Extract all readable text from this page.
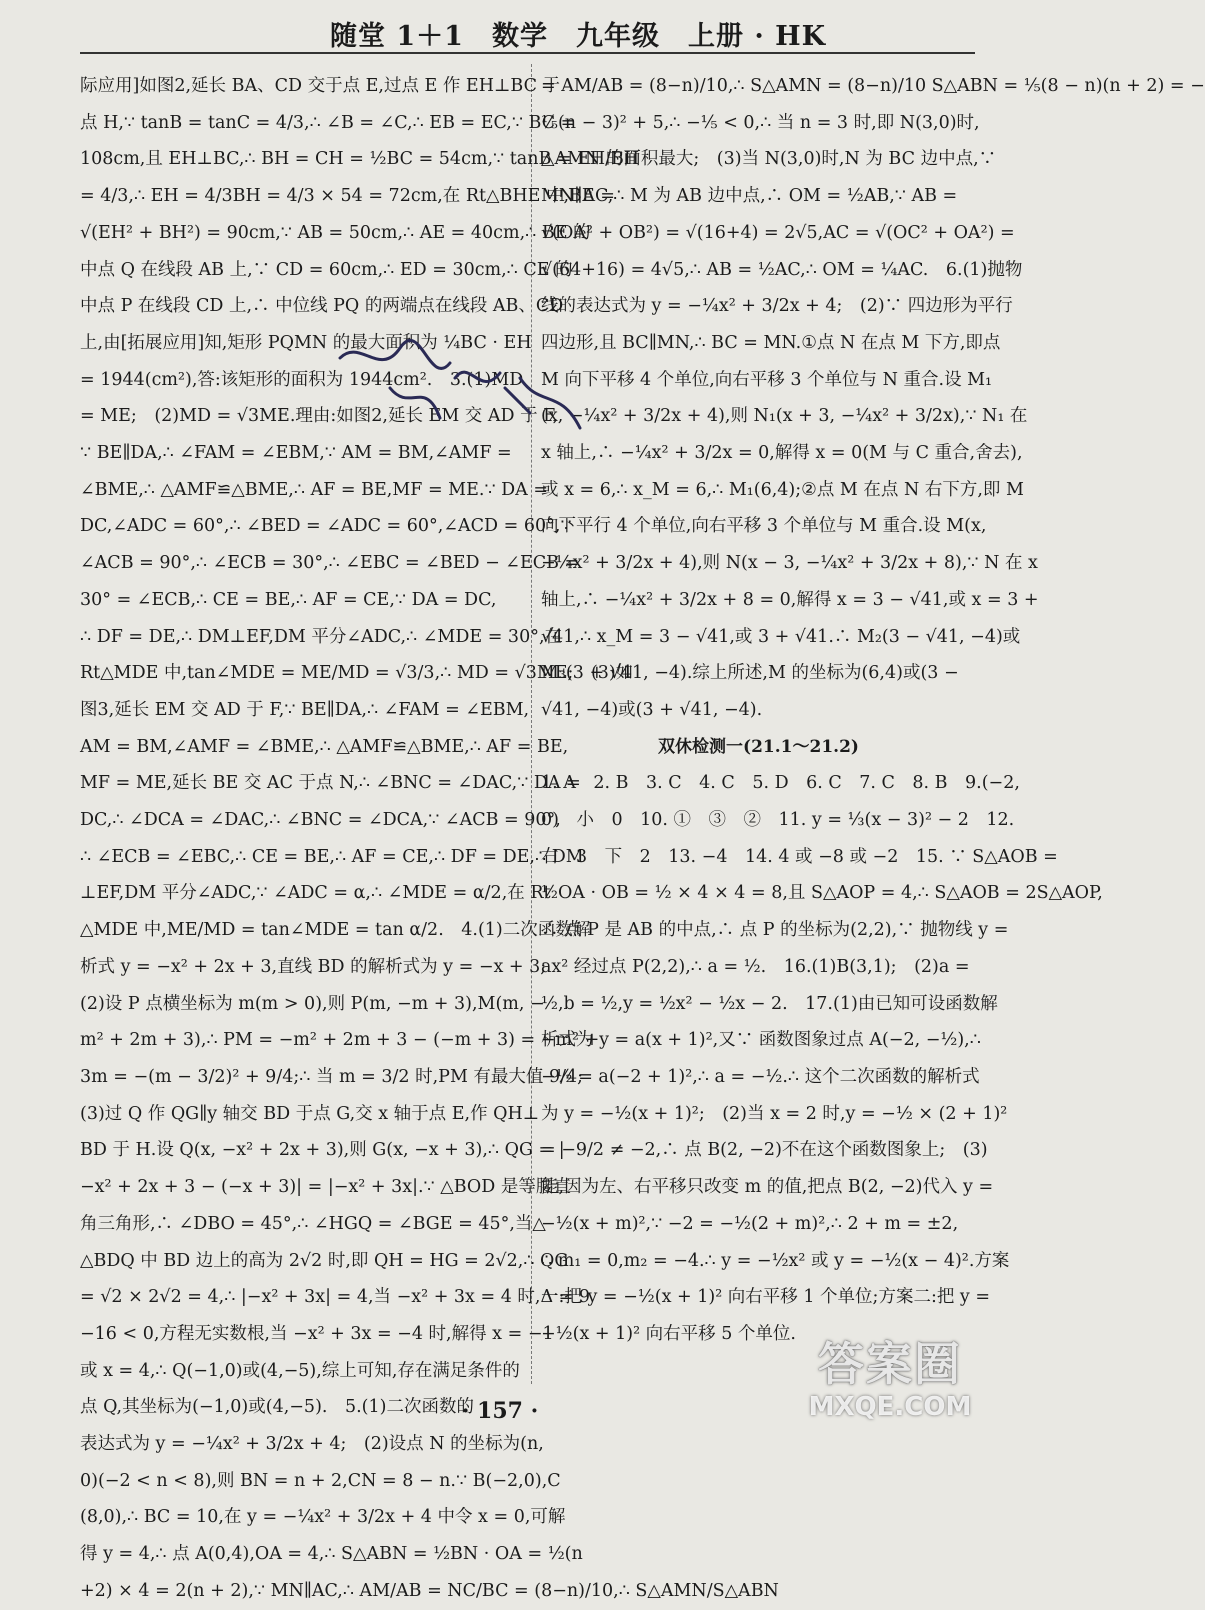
随堂 1＋1　数学　九年级　上册 · HK
际应用]如图2,延长 BA、CD 交于点 E,过点 E 作 EH⊥BC 于
点 H,∵ tanB = tanC = 4/3,∴ ∠B = ∠C,∴ EB = EC,∵ BC =
108cm,且 EH⊥BC,∴ BH = CH = ½BC = 54cm,∵ tanB = EH/BH
= 4/3,∴ EH = 4/3BH = 4/3 × 54 = 72cm,在 Rt△BHE 中,BE =
√(EH² + BH²) = 90cm,∵ AB = 50cm,∴ AE = 40cm,∴ BE 的
中点 Q 在线段 AB 上,∵ CD = 60cm,∴ ED = 30cm,∴ CE 的
中点 P 在线段 CD 上,∴ 中位线 PQ 的两端点在线段 AB、CD
上,由[拓展应用]知,矩形 PQMN 的最大面积为 ¼BC · EH
= 1944(cm²),答:该矩形的面积为 1944cm².　3.(1)MD
= ME;　(2)MD = √3ME.理由:如图2,延长 EM 交 AD 于 F,
∵ BE∥DA,∴ ∠FAM = ∠EBM,∵ AM = BM,∠AMF =
∠BME,∴ △AMF≌△BME,∴ AF = BE,MF = ME.∵ DA =
DC,∠ADC = 60°,∴ ∠BED = ∠ADC = 60°,∠ACD = 60°,∵
∠ACB = 90°,∴ ∠ECB = 30°,∴ ∠EBC = ∠BED − ∠ECB =
30° = ∠ECB,∴ CE = BE,∴ AF = CE,∵ DA = DC,
∴ DF = DE,∴ DM⊥EF,DM 平分∠ADC,∴ ∠MDE = 30°,在
Rt△MDE 中,tan∠MDE = ME/MD = √3/3,∴ MD = √3ME;　(3)如
图3,延长 EM 交 AD 于 F,∵ BE∥DA,∴ ∠FAM = ∠EBM,
AM = BM,∠AMF = ∠BME,∴ △AMF≌△BME,∴ AF = BE,
MF = ME,延长 BE 交 AC 于点 N,∴ ∠BNC = ∠DAC,∵ DA =
DC,∴ ∠DCA = ∠DAC,∴ ∠BNC = ∠DCA,∵ ∠ACB = 90°,
∴ ∠ECB = ∠EBC,∴ CE = BE,∴ AF = CE,∴ DF = DE,∴ DM
⊥EF,DM 平分∠ADC,∵ ∠ADC = α,∴ ∠MDE = α/2,在 Rt
△MDE 中,ME/MD = tan∠MDE = tan α/2.　4.(1)二次函数解
析式 y = −x² + 2x + 3,直线 BD 的解析式为 y = −x + 3;
(2)设 P 点横坐标为 m(m > 0),则 P(m, −m + 3),M(m, −
m² + 2m + 3),∴ PM = −m² + 2m + 3 − (−m + 3) = −m² +
3m = −(m − 3/2)² + 9/4;∴ 当 m = 3/2 时,PM 有最大值 9/4;
(3)过 Q 作 QG∥y 轴交 BD 于点 G,交 x 轴于点 E,作 QH⊥
BD 于 H.设 Q(x, −x² + 2x + 3),则 G(x, −x + 3),∴ QG = |
−x² + 2x + 3 − (−x + 3)| = |−x² + 3x|.∵ △BOD 是等腰直
角三角形,∴ ∠DBO = 45°,∴ ∠HGQ = ∠BGE = 45°,当△
△BDQ 中 BD 边上的高为 2√2 时,即 QH = HG = 2√2,∴ QG
= √2 × 2√2 = 4,∴ |−x² + 3x| = 4,当 −x² + 3x = 4 时,Δ = 9
−16 < 0,方程无实数根,当 −x² + 3x = −4 时,解得 x = −1
或 x = 4,∴ Q(−1,0)或(4,−5),综上可知,存在满足条件的
点 Q,其坐标为(−1,0)或(4,−5).　5.(1)二次函数的
表达式为 y = −¼x² + 3/2x + 4;　(2)设点 N 的坐标为(n,
0)(−2 < n < 8),则 BN = n + 2,CN = 8 − n.∵ B(−2,0),C
(8,0),∴ BC = 10,在 y = −¼x² + 3/2x + 4 中令 x = 0,可解
得 y = 4,∴ 点 A(0,4),OA = 4,∴ S△ABN = ½BN · OA = ½(n
+2) × 4 = 2(n + 2),∵ MN∥AC,∴ AM/AB = NC/BC = (8−n)/10,∴ S△AMN/S△ABN
= AM/AB = (8−n)/10,∴ S△AMN = (8−n)/10 S△ABN = ⅕(8 − n)(n + 2) = −
⅕(n − 3)² + 5,∴ −⅕ < 0,∴ 当 n = 3 时,即 N(3,0)时,
△AMN 的面积最大;　(3)当 N(3,0)时,N 为 BC 边中点,∵
MN∥AC,∴ M 为 AB 边中点,∴ OM = ½AB,∵ AB =
√(OA² + OB²) = √(16+4) = 2√5,AC = √(OC² + OA²) =
√(64+16) = 4√5,∴ AB = ½AC,∴ OM = ¼AC.　6.(1)抛物
线的表达式为 y = −¼x² + 3/2x + 4;　(2)∵ 四边形为平行
四边形,且 BC∥MN,∴ BC = MN.①点 N 在点 M 下方,即点
M 向下平移 4 个单位,向右平移 3 个单位与 N 重合.设 M₁
(x, −¼x² + 3/2x + 4),则 N₁(x + 3, −¼x² + 3/2x),∵ N₁ 在
x 轴上,∴ −¼x² + 3/2x = 0,解得 x = 0(M 与 C 重合,舍去),
或 x = 6,∴ x_M = 6,∴ M₁(6,4);②点 M 在点 N 右下方,即 M
向下平行 4 个单位,向右平移 3 个单位与 M 重合.设 M(x,
−¼x² + 3/2x + 4),则 N(x − 3, −¼x² + 3/2x + 8),∵ N 在 x
轴上,∴ −¼x² + 3/2x + 8 = 0,解得 x = 3 − √41,或 x = 3 +
√41,∴ x_M = 3 − √41,或 3 + √41.∴ M₂(3 − √41, −4)或
M₃(3 + √41, −4).综上所述,M 的坐标为(6,4)或(3 −
√41, −4)或(3 + √41, −4).
双休检测一(21.1～21.2)
1. A　2. B　3. C　4. C　5. D　6. C　7. C　8. B　9.(−2,
0)　小　0　10. ①　③　②　11. y = ⅓(x − 3)² − 2　12.
右　3　下　2　13. −4　14. 4 或 −8 或 −2　15. ∵ S△AOB =
½OA · OB = ½ × 4 × 4 = 8,且 S△AOP = 4,∴ S△AOB = 2S△AOP,
∴ 点 P 是 AB 的中点,∴ 点 P 的坐标为(2,2),∵ 抛物线 y =
ax² 经过点 P(2,2),∴ a = ½.　16.(1)B(3,1);　(2)a =
½,b = ½,y = ½x² − ½x − 2.　17.(1)由已知可设函数解
析式为 y = a(x + 1)²,又∵ 函数图象过点 A(−2, −½),∴
−½ = a(−2 + 1)²,∴ a = −½.∴ 这个二次函数的解析式
为 y = −½(x + 1)²;　(2)当 x = 2 时,y = −½ × (2 + 1)²
= −9/2 ≠ −2,∴ 点 B(2, −2)不在这个函数图象上;　(3)
能,因为左、右平移只改变 m 的值,把点 B(2, −2)代入 y =
−½(x + m)²,∵ −2 = −½(2 + m)²,∴ 2 + m = ±2,
∴ m₁ = 0,m₂ = −4.∴ y = −½x² 或 y = −½(x − 4)².方案
一:把 y = −½(x + 1)² 向右平移 1 个单位;方案二:把 y =
−½(x + 1)² 向右平移 5 个单位.
· 157 ·
答案圈
MXQE.COM
